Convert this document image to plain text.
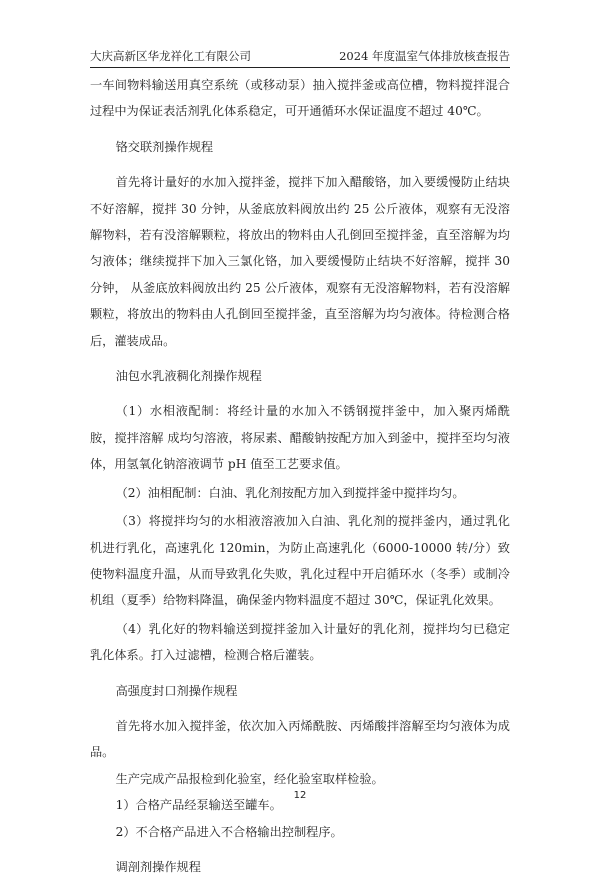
大庆高新区华龙祥化工有限公司	2024 年度温室气体排放核查报告

一车间物料输送用真空系统（或移动泵）抽入搅拌釜或高位槽，物料搅拌混合过程中为保证表活剂乳化体系稳定，可开通循环水保证温度不超过 40℃。

铬交联剂操作规程

首先将计量好的水加入搅拌釜，搅拌下加入醋酸铬，加入要缓慢防止结块不好溶解，搅拌 30 分钟，从釜底放料阀放出约 25 公斤液体，观察有无没溶解物料，若有没溶解颗粒，将放出的物料由人孔倒回至搅拌釜，直至溶解为均匀液体；继续搅拌下加入三氯化铬，加入要缓慢防止结块不好溶解，搅拌 30 分钟， 从釜底放料阀放出约 25 公斤液体，观察有无没溶解物料，若有没溶解颗粒，将放出的物料由人孔倒回至搅拌釜，直至溶解为均匀液体。待检测合格后，灌装成品。

油包水乳液稠化剂操作规程

（1）水相液配制：将经计量的水加入不锈钢搅拌釜中，加入聚丙烯酰胺，搅拌溶解 成均匀溶液，将尿素、醋酸钠按配方加入到釜中，搅拌至均匀液体，用氢氧化钠溶液调节 pH 值至工艺要求值。

（2）油相配制：白油、乳化剂按配方加入到搅拌釜中搅拌均匀。

（3）将搅拌均匀的水相液溶液加入白油、乳化剂的搅拌釜内，通过乳化机进行乳化，高速乳化 120min，为防止高速乳化（6000-10000 转/分）致使物料温度升温，从而导致乳化失败，乳化过程中开启循环水（冬季）或制冷机组（夏季）给物料降温，确保釜内物料温度不超过 30℃，保证乳化效果。

（4）乳化好的物料输送到搅拌釜加入计量好的乳化剂，搅拌均匀已稳定乳化体系。打入过滤槽，检测合格后灌装。

高强度封口剂操作规程

首先将水加入搅拌釜，依次加入丙烯酰胺、丙烯酸拌溶解至均匀液体为成品。

生产完成产品报检到化验室，经化验室取样检验。

1）合格产品经泵输送至罐车。

2）不合格产品进入不合格输出控制程序。

调剖剂操作规程

12
